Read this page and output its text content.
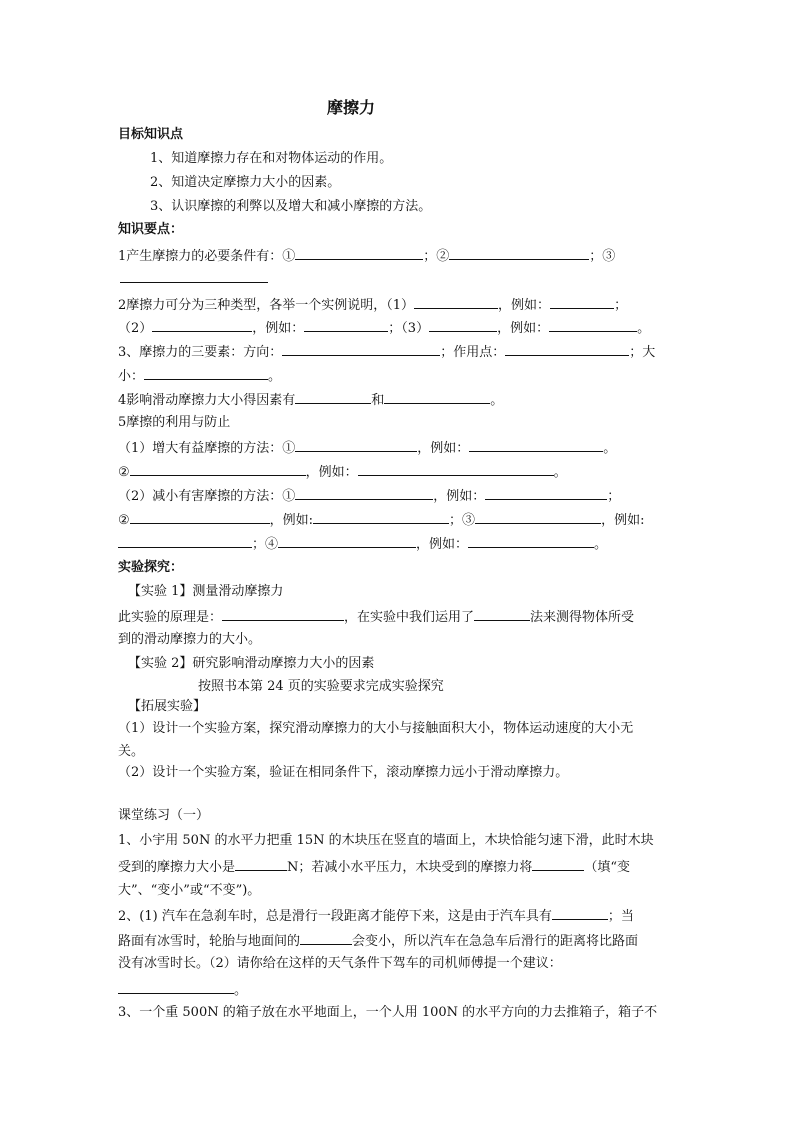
摩擦力
目标知识点
1、知道摩擦力存在和对物体运动的作用。
2、知道决定摩擦力大小的因素。
3、认识摩擦的利弊以及增大和减小摩擦的方法。
知识要点：
1产生摩擦力的必要条件有：①	；②	；③
2摩擦力可分为三种类型，各举一个实例说明，（1）	，例如：	；
（2）	，例如：	；（3）	，例如：	。
3、摩擦力的三要素：方向：	；作用点：	；大
小：	。
4影响滑动摩擦力大小得因素有	和	。
5摩擦的利用与防止
（1）增大有益摩擦的方法：①	，例如：	。
②	，例如：	。
（2）减小有害摩擦的方法：①	，例如：	；
②	，例如:	；③	，例如:
；④	，例如：	。
实验探究：
【实验 1】测量滑动摩擦力
此实验的原理是：	，在实验中我们运用了	法来测得物体所受
到的滑动摩擦力的大小。
【实验 2】研究影响滑动摩擦力大小的因素
按照书本第 24 页的实验要求完成实验探究
【拓展实验】
（1）设计一个实验方案，探究滑动摩擦力的大小与接触面积大小，物体运动速度的大小无
关。
（2）设计一个实验方案，验证在相同条件下，滚动摩擦力远小于滑动摩擦力。
课堂练习（一）
1、小宇用 50N 的水平力把重 15N 的木块压在竖直的墙面上，木块恰能匀速下滑，此时木块
受到的摩擦力大小是	N；若减小水平压力，木块受到的摩擦力将	（填“变
大”、“变小”或“不变”)。
2、(1) 汽车在急刹车时，总是滑行一段距离才能停下来，这是由于汽车具有	；当
路面有冰雪时，轮胎与地面间的	会变小，所以汽车在急急车后滑行的距离将比路面
没有冰雪时长。（2）请你给在这样的天气条件下驾车的司机师傅提一个建议：
。
3、一个重 500N 的箱子放在水平地面上，一个人用 100N 的水平方向的力去推箱子，箱子不
